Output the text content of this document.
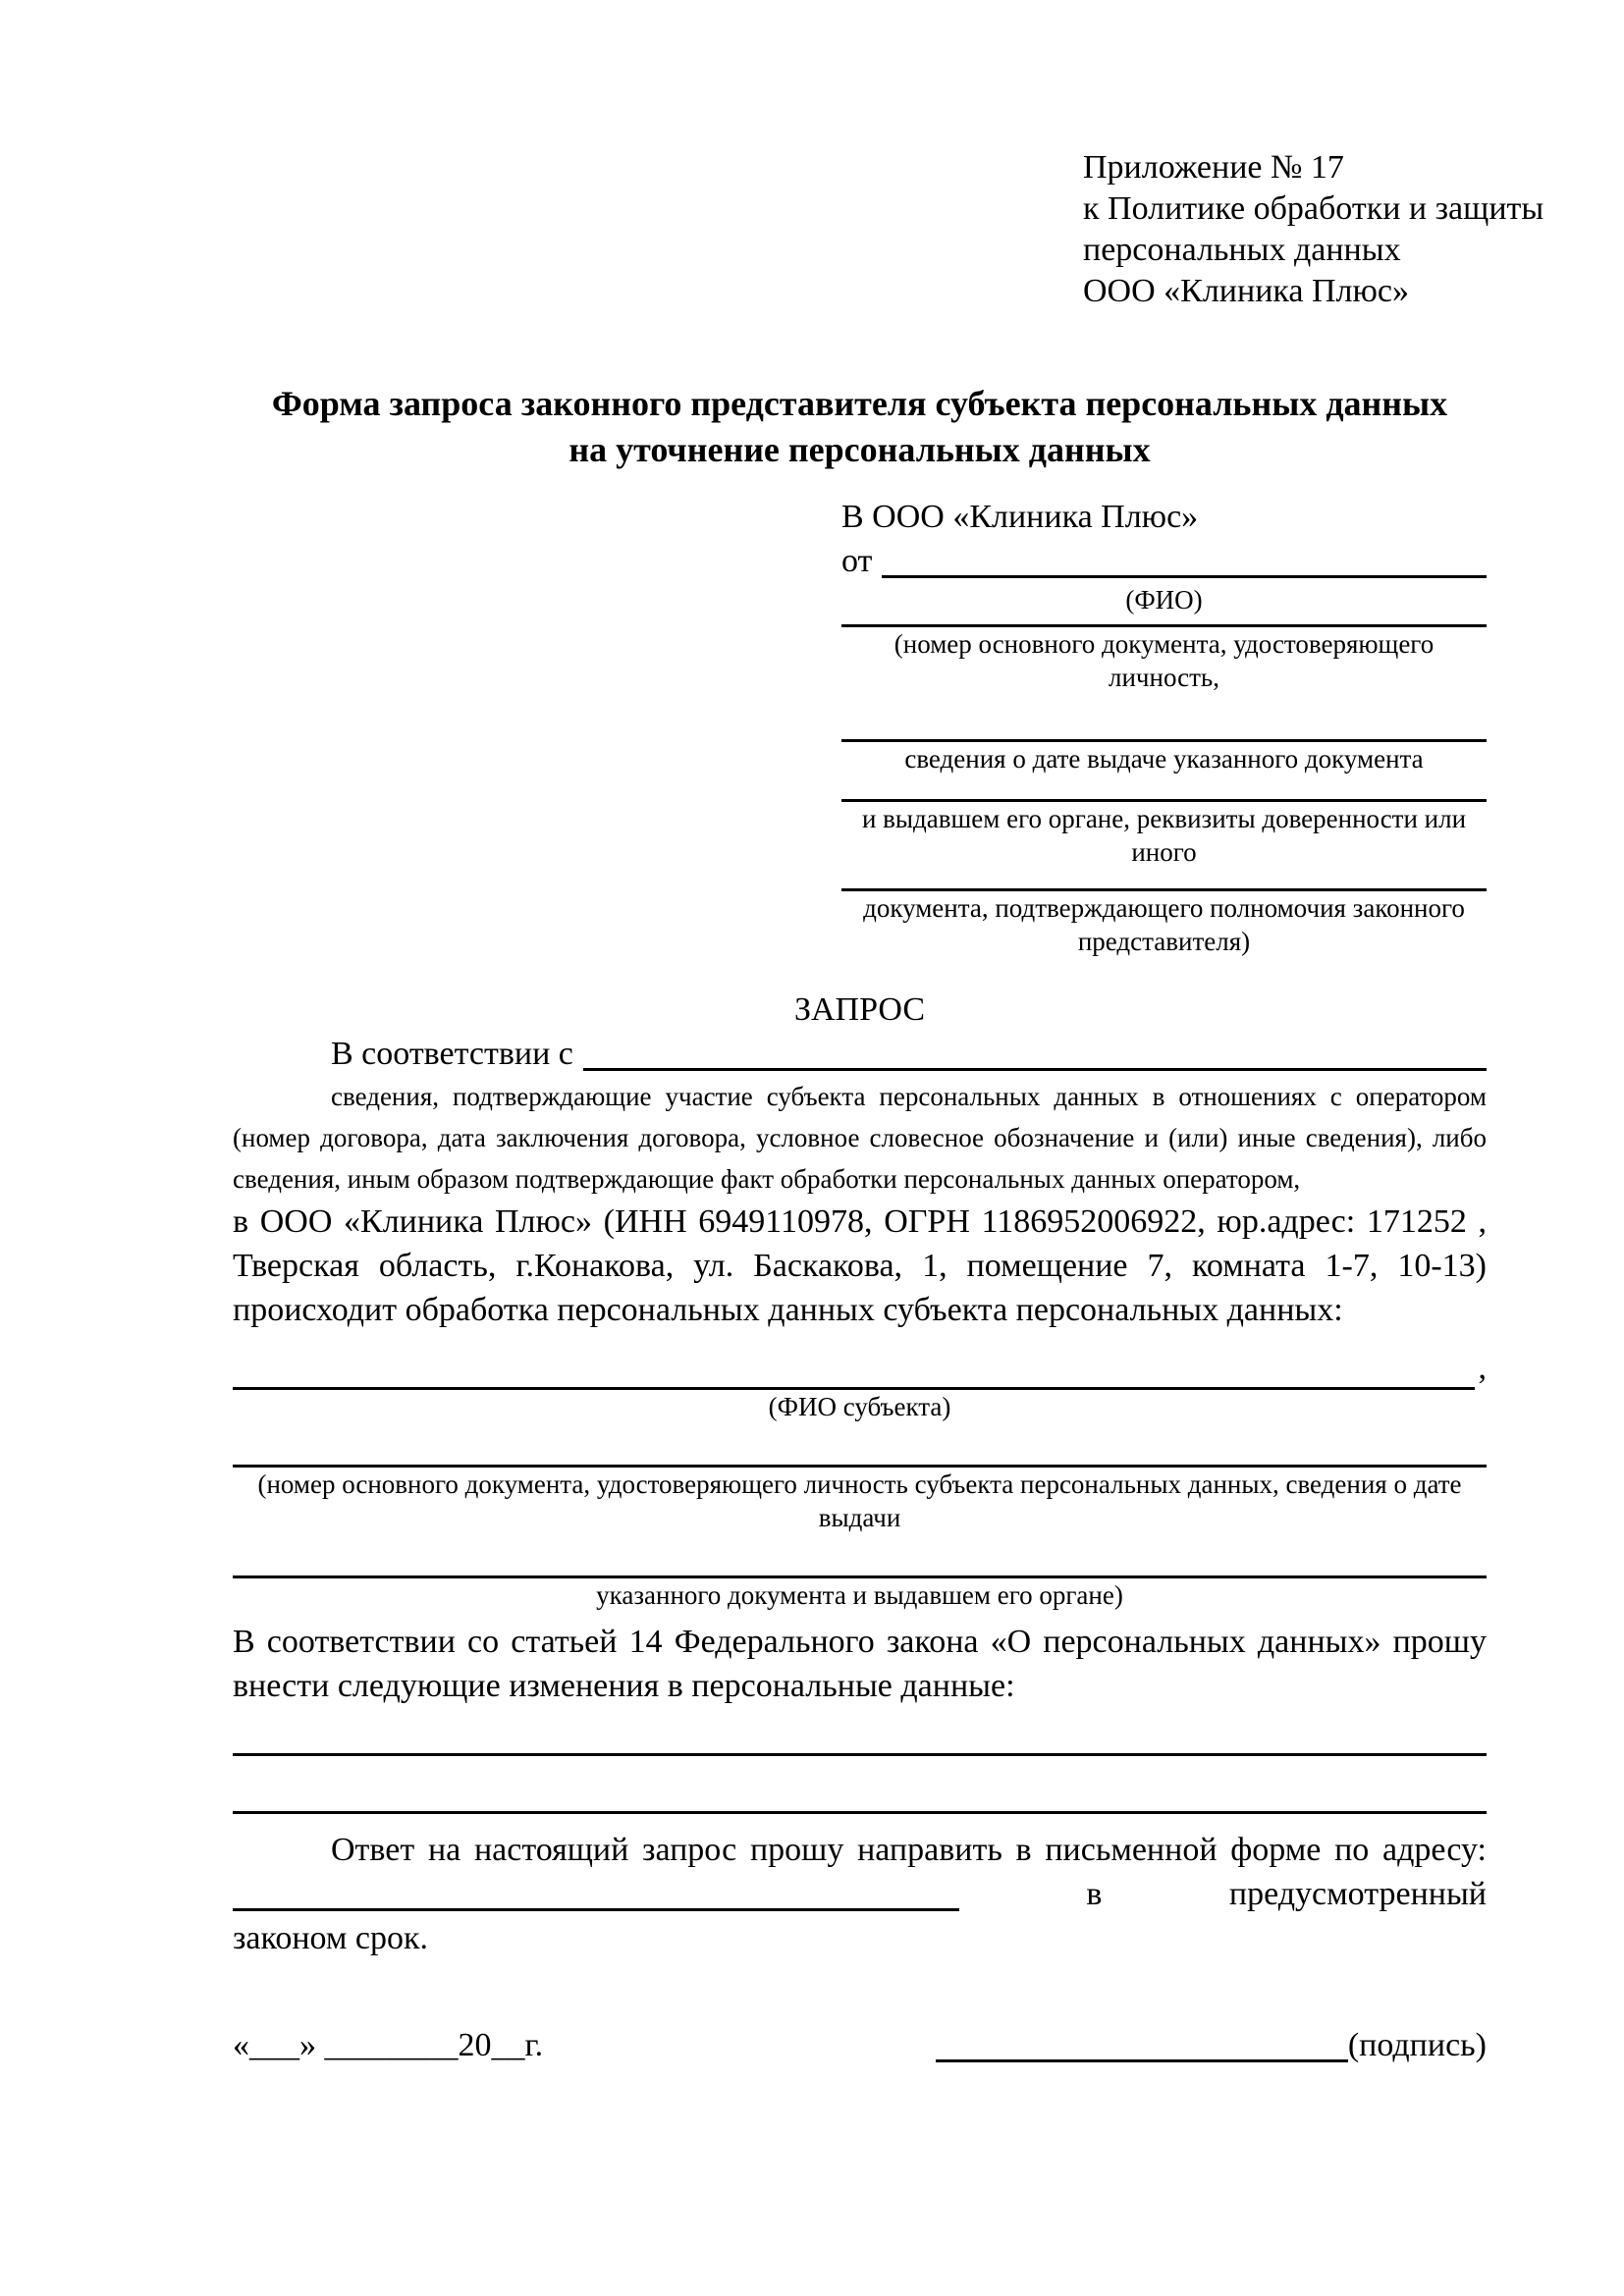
Приложение № 17
к Политике обработки и защиты
персональных данных
ООО «Клиника Плюс»
Форма запроса законного представителя субъекта персональных данных
на уточнение персональных данных
В ООО «Клиника Плюс»
от
(ФИО)
(номер основного документа, удостоверяющего личность,
сведения о дате выдаче указанного документа
и выдавшем его органе, реквизиты доверенности или иного
документа, подтверждающего полномочия законного представителя)
ЗАПРОС
В соответствии с
сведения, подтверждающие участие субъекта персональных данных в отношениях с оператором (номер договора, дата заключения договора, условное словесное обозначение и (или) иные сведения), либо сведения, иным образом подтверждающие факт обработки персональных данных оператором,
в ООО «Клиника Плюс» (ИНН 6949110978, ОГРН 1186952006922, юр.адрес: 171252 , Тверская область, г.Конакова, ул. Баскакова, 1, помещение 7, комната 1-7, 10-13) происходит обработка персональных данных субъекта персональных данных:
,
(ФИО субъекта)
(номер основного документа, удостоверяющего личность субъекта персональных данных, сведения о дате выдачи
указанного документа и выдавшем его органе)
В соответствии со статьей 14 Федерального закона «О персональных данных» прошу внести следующие изменения в персональные данные:
Ответ на настоящий запрос прошу направить в письменной форме по адресу:
в	предусмотренный
законом срок.
«___» ________20__г.	(подпись)
